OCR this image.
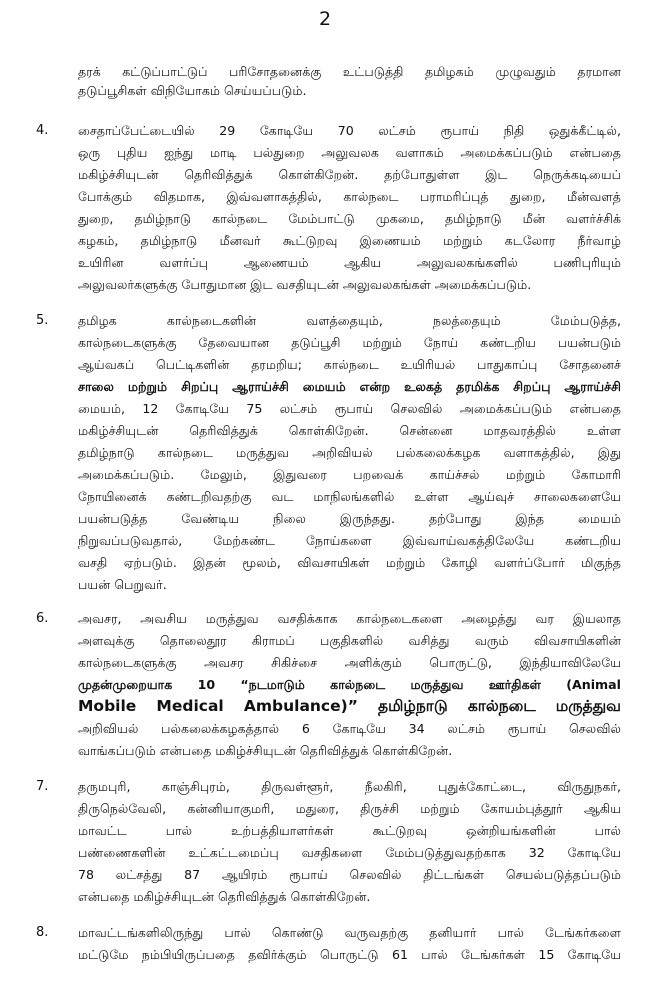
2
தரக் கட்டுப்பாட்டுப் பரிசோதனைக்கு உட்படுத்தி தமிழகம் முழுவதும் தரமான
தடுப்பூசிகள் விநியோகம் செய்யப்படும்.
4. சைதாப்பேட்டையில் 29 கோடியே 70 லட்சம் ரூபாய் நிதி ஒதுக்கீட்டில்,
ஒரு புதிய ஐந்து மாடி பல்துறை அலுவலக வளாகம் அமைக்கப்படும் என்பதை
மகிழ்ச்சியுடன் தெரிவித்துக் கொள்கிறேன். தற்போதுள்ள இட நெருக்கடியைப்
போக்கும் விதமாக, இவ்வளாகத்தில், கால்நடை பராமரிப்புத் துறை, மீன்வளத்
துறை, தமிழ்நாடு கால்நடை மேம்பாட்டு முகமை, தமிழ்நாடு மீன் வளர்ச்சிக்
கழகம், தமிழ்நாடு மீனவர் கூட்டுறவு இணையம் மற்றும் கடலோர நீர்வாழ்
உயிரின வளர்ப்பு ஆணையம் ஆகிய அலுவலகங்களில் பணிபுரியும்
அலுவலர்களுக்கு போதுமான இட வசதியுடன் அலுவலகங்கள் அமைக்கப்படும்.
5. தமிழக கால்நடைகளின் வளத்தையும், நலத்தையும் மேம்படுத்த,
கால்நடைகளுக்கு தேவையான தடுப்பூசி மற்றும் நோய் கண்டறிய பயன்படும்
ஆய்வகப் பெட்டிகளின் தரமறிய; கால்நடை உயிரியல் பாதுகாப்பு சோதனைச்
சாலை மற்றும் சிறப்பு ஆராய்ச்சி மையம் என்ற உலகத் தரமிக்க சிறப்பு ஆராய்ச்சி
மையம், 12 கோடியே 75 லட்சம் ரூபாய் செலவில் அமைக்கப்படும் என்பதை
மகிழ்ச்சியுடன் தெரிவித்துக் கொள்கிறேன். சென்னை மாதவரத்தில் உள்ள
தமிழ்நாடு கால்நடை மருத்துவ அறிவியல் பல்கலைக்கழக வளாகத்தில், இது
அமைக்கப்படும். மேலும், இதுவரை பறவைக் காய்ச்சல் மற்றும் கோமாரி
நோயினைக் கண்டறிவதற்கு வட மாநிலங்களில் உள்ள ஆய்வுச் சாலைகளையே
பயன்படுத்த வேண்டிய நிலை இருந்தது. தற்போது இந்த மையம்
நிறுவப்படுவதால், மேற்கண்ட நோய்களை இவ்வாய்வகத்திலேயே கண்டறிய
வசதி ஏற்படும். இதன் மூலம், விவசாயிகள் மற்றும் கோழி வளர்ப்போர் மிகுந்த
பயன் பெறுவர்.
6. அவசர, அவசிய மருத்துவ வசதிக்காக கால்நடைகளை அழைத்து வர இயலாத
அளவுக்கு தொலைதூர கிராமப் பகுதிகளில் வசித்து வரும் விவசாயிகளின்
கால்நடைகளுக்கு அவசர சிகிச்சை அளிக்கும் பொருட்டு, இந்தியாவிலேயே
முதன்முறையாக 10 “நடமாடும் கால்நடை மருத்துவ ஊர்திகள் (Animal
Mobile Medical Ambulance)” தமிழ்நாடு கால்நடை மருத்துவ
அறிவியல் பல்கலைக்கழகத்தால் 6 கோடியே 34 லட்சம் ரூபாய் செலவில்
வாங்கப்படும் என்பதை மகிழ்ச்சியுடன் தெரிவித்துக் கொள்கிறேன்.
7. தருமபுரி, காஞ்சிபுரம், திருவள்ளூர், நீலகிரி, புதுக்கோட்டை, விருதுநகர்,
திருநெல்வேலி, கன்னியாகுமரி, மதுரை, திருச்சி மற்றும் கோயம்புத்தூர் ஆகிய
மாவட்ட பால் உற்பத்தியாளர்கள் கூட்டுறவு ஒன்றியங்களின் பால்
பண்ணைகளின் உட்கட்டமைப்பு வசதிகளை மேம்படுத்துவதற்காக 32 கோடியே
78 லட்சத்து 87 ஆயிரம் ரூபாய் செலவில் திட்டங்கள் செயல்படுத்தப்படும்
என்பதை மகிழ்ச்சியுடன் தெரிவித்துக் கொள்கிறேன்.
8. மாவட்டங்களிலிருந்து பால் கொண்டு வருவதற்கு தனியார் பால் டேங்கர்களை
மட்டுமே நம்பியிருப்பதை தவிர்க்கும் பொருட்டு 61 பால் டேங்கர்கள் 15 கோடியே
